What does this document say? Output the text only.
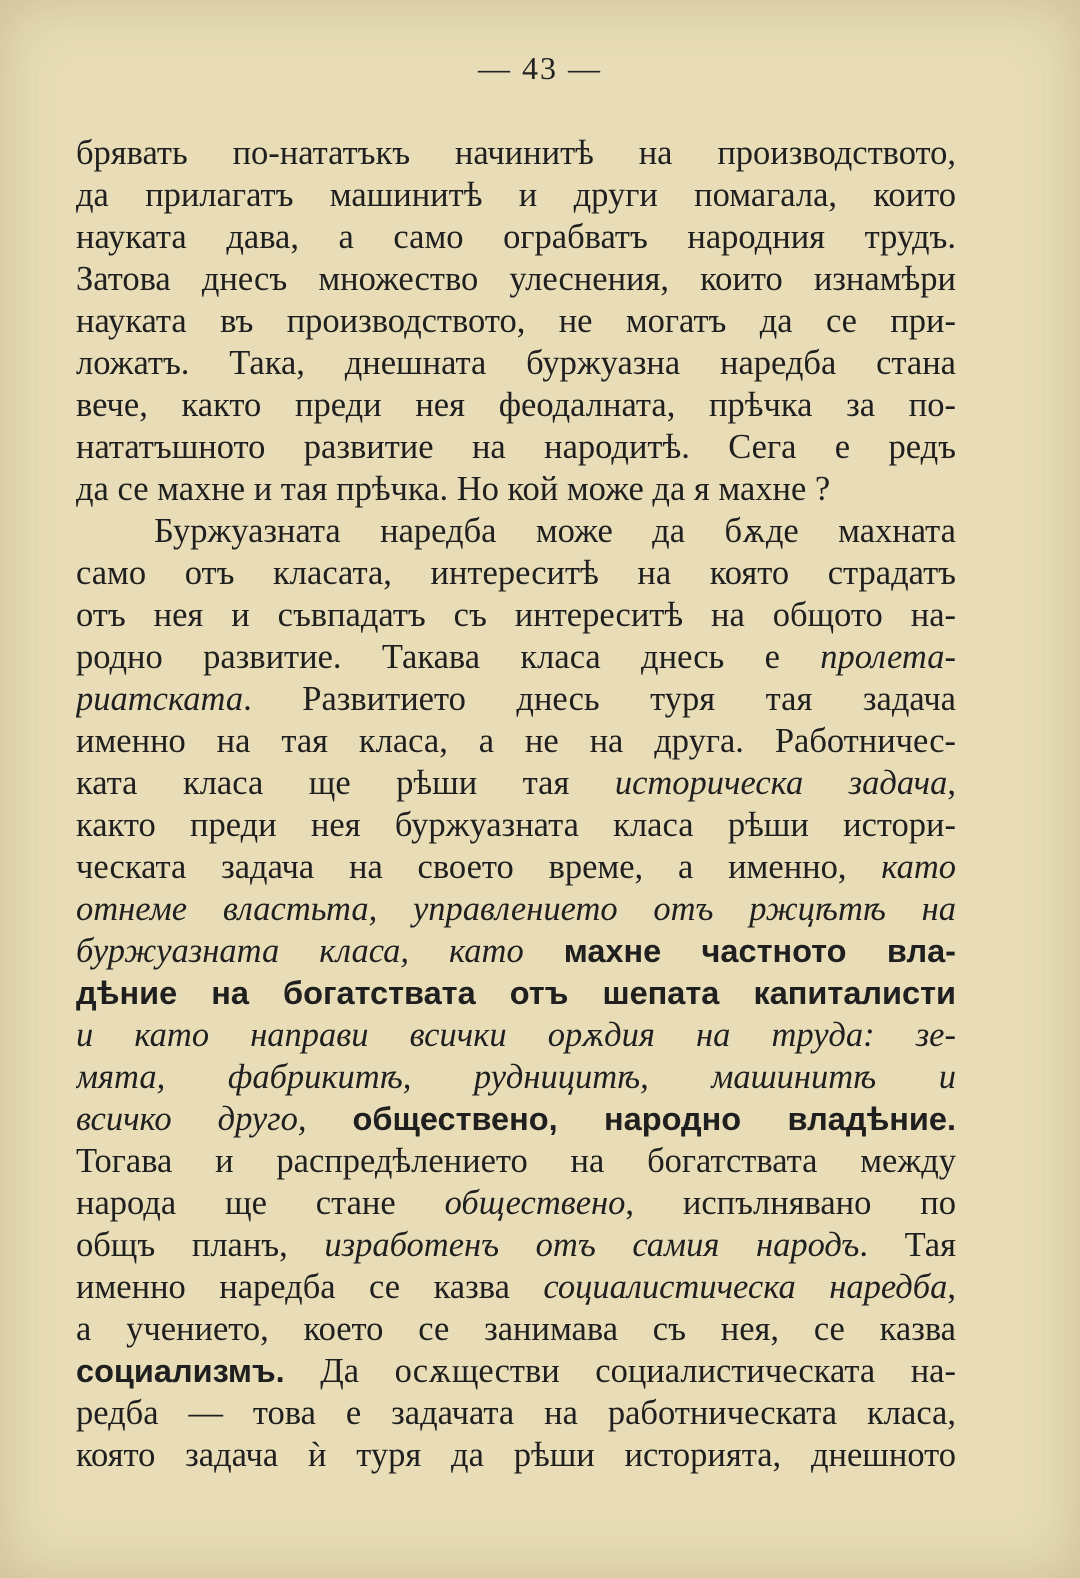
— 43 —
брявать по-нататъкъ начинитѣ на производството,
да прилагатъ машинитѣ и други помагала, които
науката дава, а само ограбватъ народния трудъ.
Затова днесъ множество улеснения, които изнамѣри
науката въ производството, не могатъ да се при-
ложатъ. Така, днешната буржуазна наредба стана
вече, както преди нея феодалната, прѣчка за по-
нататъшното развитие на народитѣ. Сега е редъ
да се махне и тая прѣчка. Но кой може да я махне ?
Буржуазната наредба може да бѫде махната
само отъ класата, интереситѣ на която страдатъ
отъ нея и съвпадатъ съ интереситѣ на общото на-
родно развитие. Такава класа днесь е пролета-
риатската. Развитието днесь туря тая задача
именно на тая класа, а не на друга. Работничес-
ката класа ще рѣши тая историческа задача,
както преди нея буржуазната класа рѣши истори-
ческата задача на своето време, а именно, като
отнеме властьта, управлението отъ ржцѣтѣ на
буржуазната класа, като махне частното вла-
дѣние на богатствата отъ шепата капиталисти
и като направи всички орѫдия на труда: зе-
мята, фабрикитѣ, рудницитѣ, машинитѣ и
всичко друго, обществено, народно владѣние.
Тогава и распредѣлението на богатствата между
народа ще стане обществено, испълнявано по
общъ планъ, изработенъ отъ самия народъ. Тая
именно наредба се казва социалистическа наредба,
а учението, което се занимава съ нея, се казва
социализмъ. Да осѫществи социалистическата на-
редба — това е задачата на работническата класа,
която задача ѝ туря да рѣши историята, днешното
